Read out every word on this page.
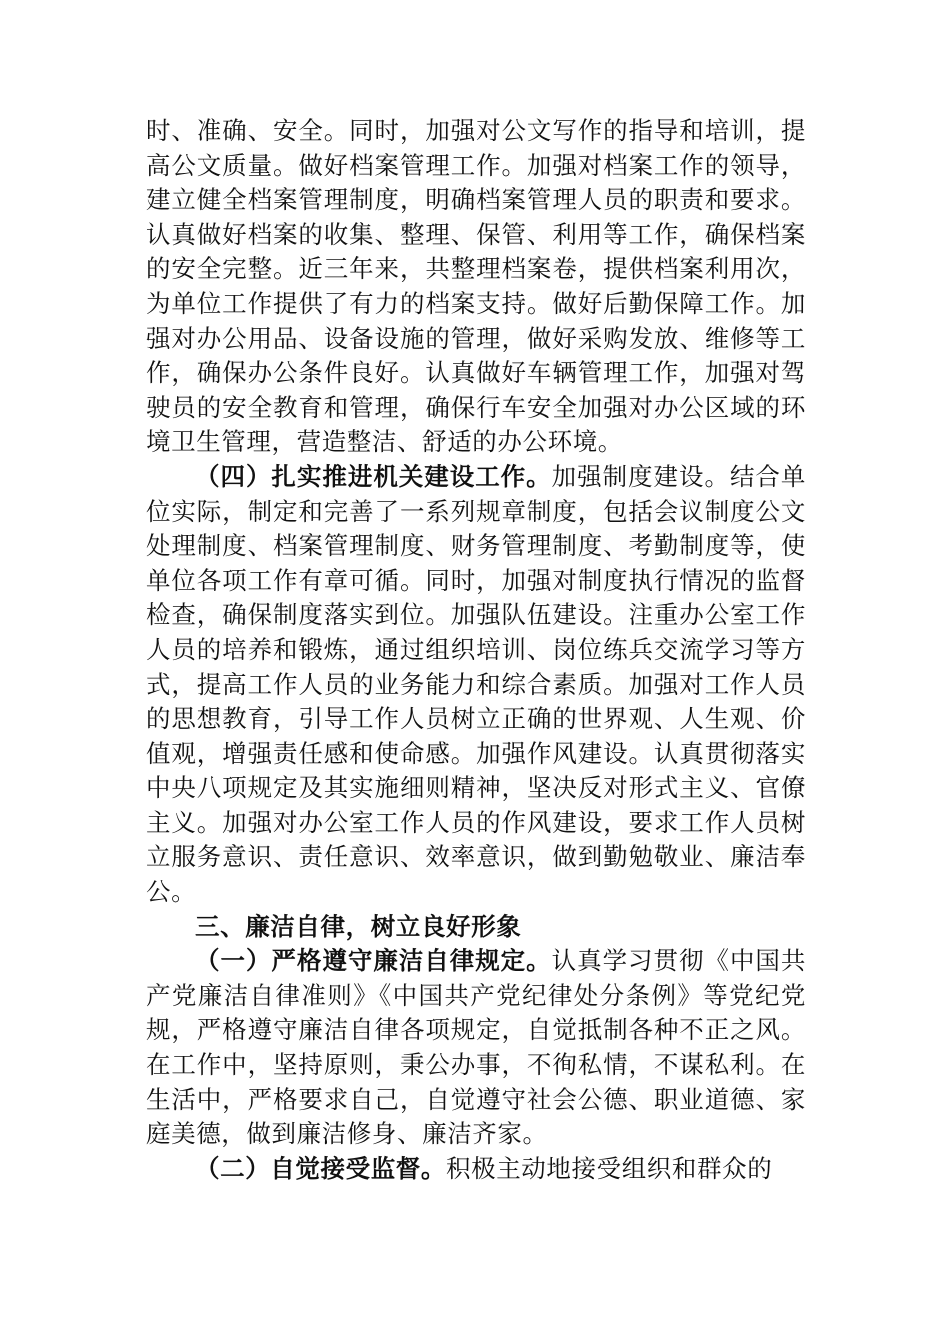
时、准确、安全。同时，加强对公文写作的指导和培训，提高公文质量。做好档案管理工作。加强对档案工作的领导，建立健全档案管理制度，明确档案管理人员的职责和要求。认真做好档案的收集、整理、保管、利用等工作，确保档案的安全完整。近三年来，共整理档案卷，提供档案利用次，为单位工作提供了有力的档案支持。做好后勤保障工作。加强对办公用品、设备设施的管理，做好采购发放、维修等工作，确保办公条件良好。认真做好车辆管理工作，加强对驾驶员的安全教育和管理，确保行车安全加强对办公区域的环境卫生管理，营造整洁、舒适的办公环境。

（四）扎实推进机关建设工作。加强制度建设。结合单位实际，制定和完善了一系列规章制度，包括会议制度公文处理制度、档案管理制度、财务管理制度、考勤制度等，使单位各项工作有章可循。同时，加强对制度执行情况的监督检查，确保制度落实到位。加强队伍建设。注重办公室工作人员的培养和锻炼，通过组织培训、岗位练兵交流学习等方式，提高工作人员的业务能力和综合素质。加强对工作人员的思想教育，引导工作人员树立正确的世界观、人生观、价值观，增强责任感和使命感。加强作风建设。认真贯彻落实中央八项规定及其实施细则精神，坚决反对形式主义、官僚主义。加强对办公室工作人员的作风建设，要求工作人员树立服务意识、责任意识、效率意识，做到勤勉敬业、廉洁奉公。

三、廉洁自律，树立良好形象

（一）严格遵守廉洁自律规定。认真学习贯彻《中国共产党廉洁自律准则》《中国共产党纪律处分条例》等党纪党规，严格遵守廉洁自律各项规定，自觉抵制各种不正之风。在工作中，坚持原则，秉公办事，不徇私情，不谋私利。在生活中，严格要求自己，自觉遵守社会公德、职业道德、家庭美德，做到廉洁修身、廉洁齐家。

（二）自觉接受监督。积极主动地接受组织和群众的
